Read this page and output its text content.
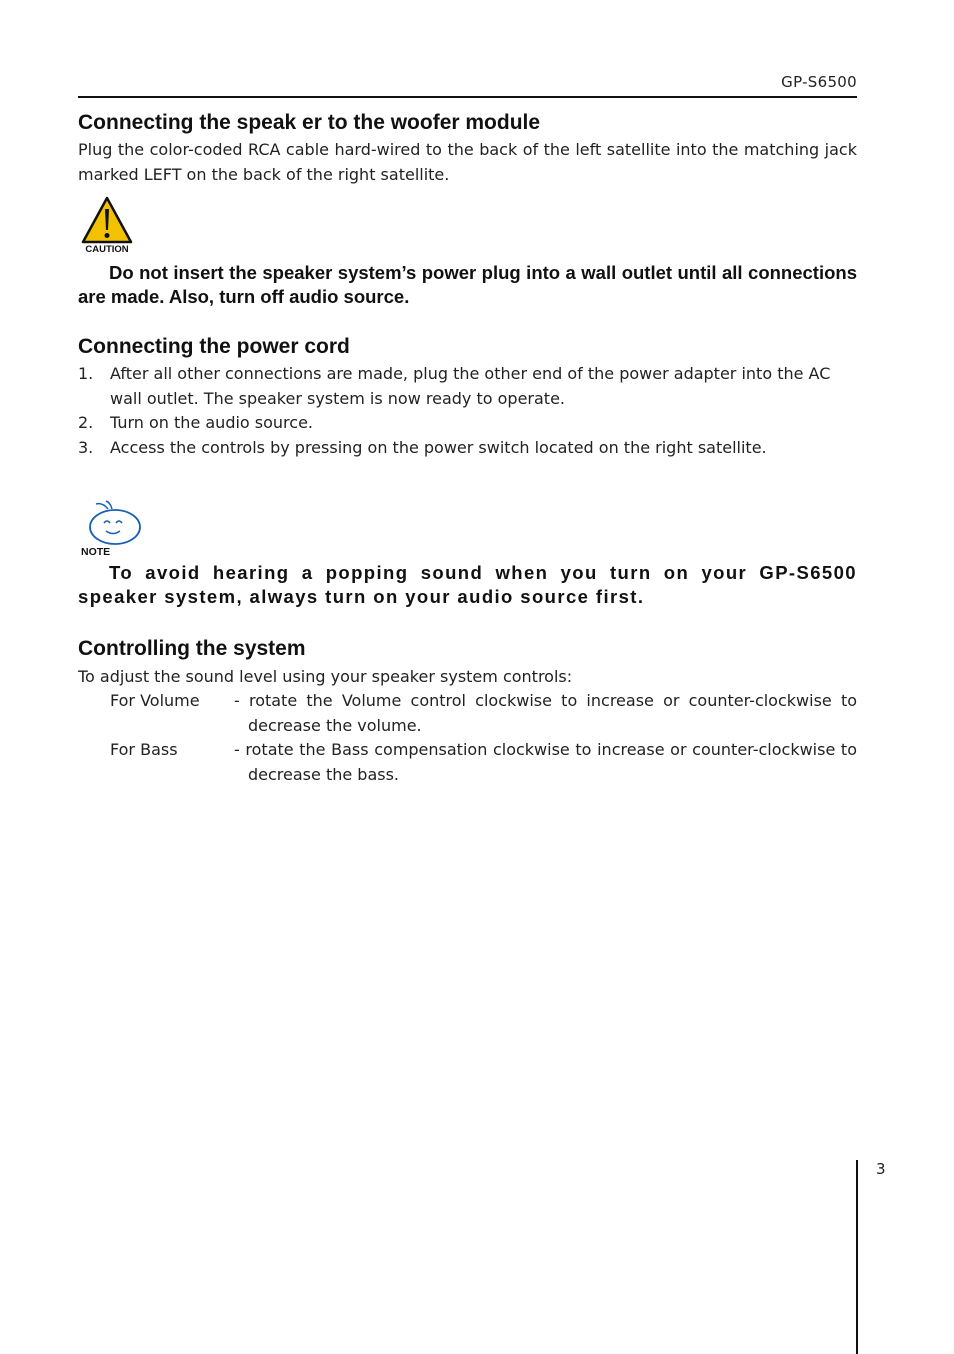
GP-S6500
Connecting the speak er to the woofer module

Plug the color-coded RCA cable hard-wired to the back of the left satellite into the matching jack marked LEFT on the back of the right satellite.

CAUTION

Do not insert the speaker system’s power plug into a wall outlet until all connections are made. Also, turn off audio source.

Connecting the power cord
1. After all other connections are made, plug the other end of the power adapter into the AC wall outlet. The speaker system is now ready to operate.
2. Turn on the audio source.
3. Access the controls by pressing on the power switch located on the right satellite.
NOTE

To avoid hearing a popping sound when you turn on your GP-S6500 speaker system, always turn on your audio source first.

Controlling the system

To adjust the sound level using your speaker system controls:

For Volume - rotate the Volume control clockwise to increase or counter-clockwise to decrease the volume.
For Bass	- rotate the Bass compensation clockwise to increase or counter-clockwise to decrease the bass.
3
